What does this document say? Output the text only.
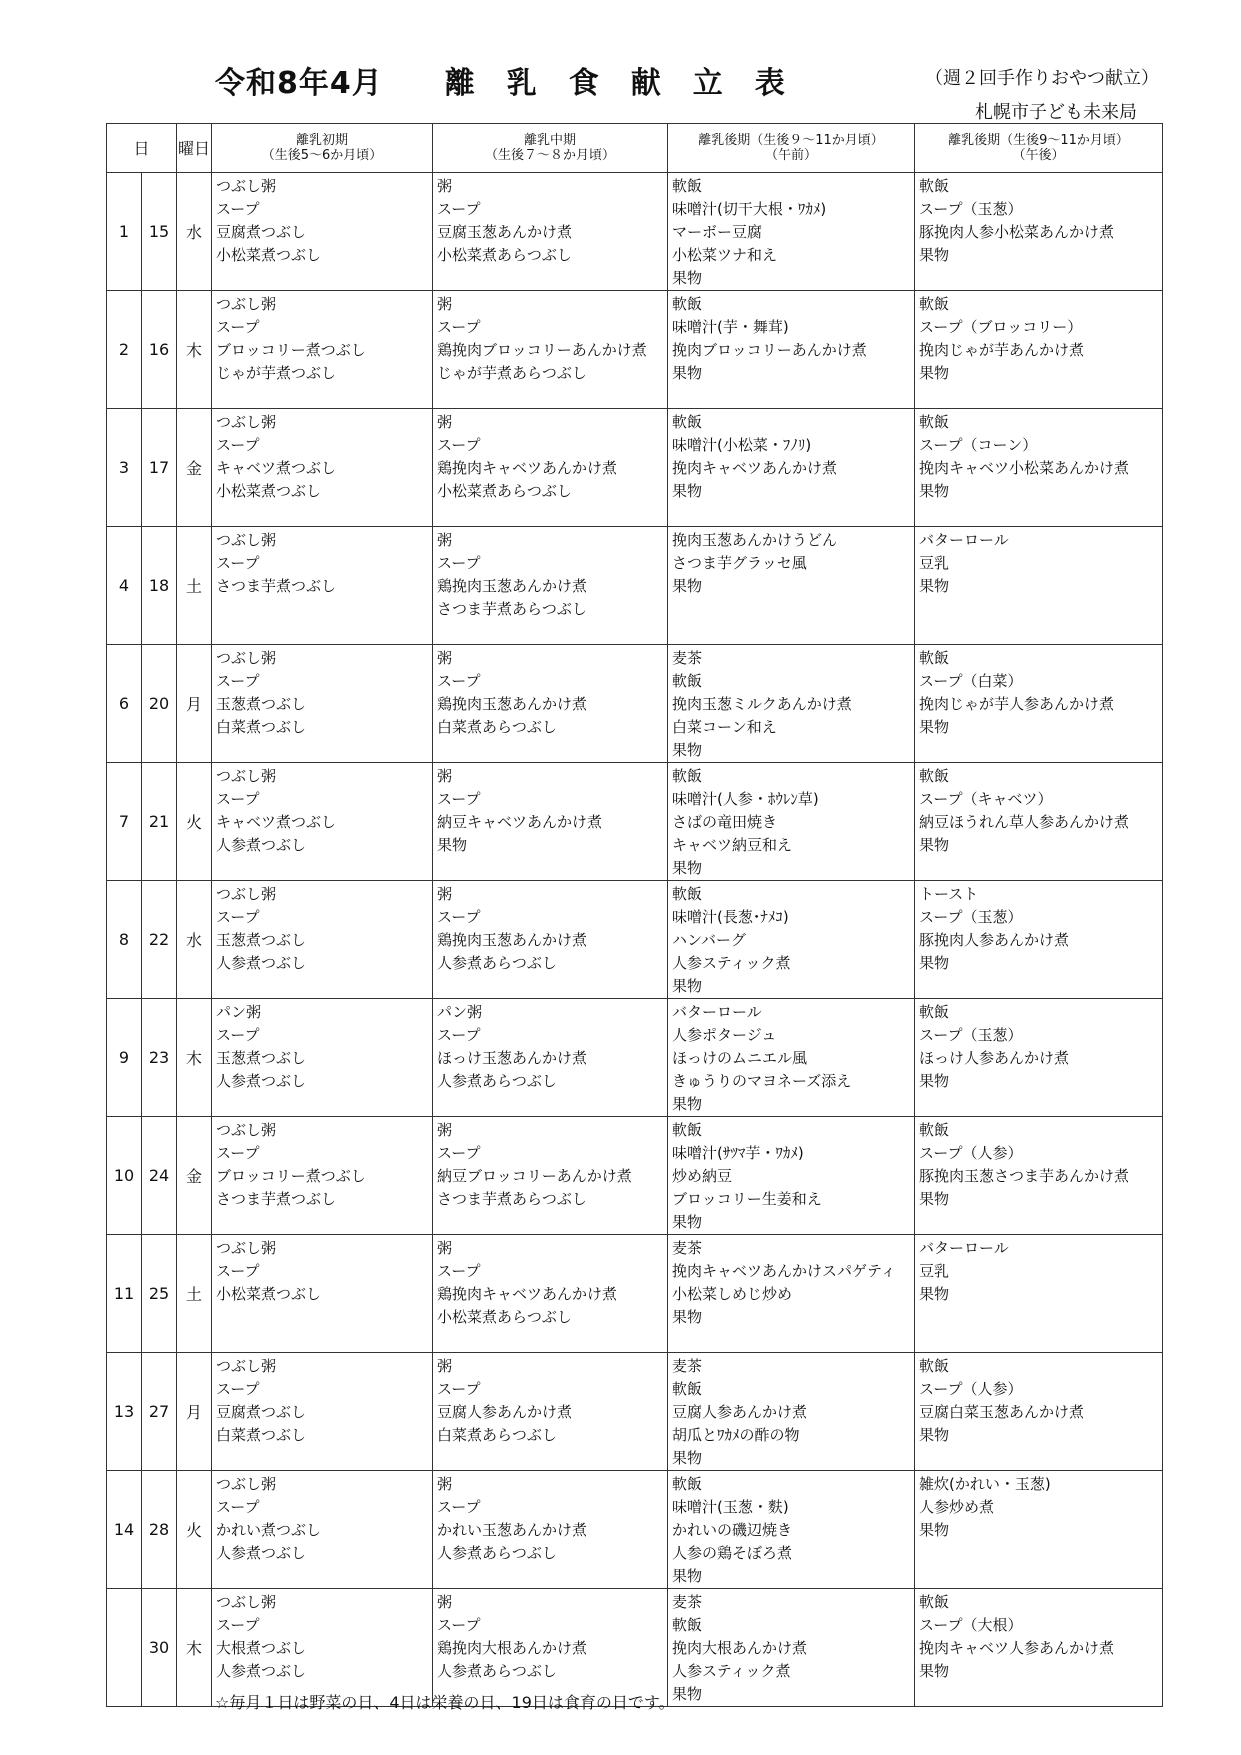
令和8年4月　　離　乳　食　献　立　表	（週２回手作りおやつ献立）
札幌市子ども未来局
日		曜日	離乳初期
（生後5～6か月頃）	離乳中期
（生後７～８か月頃）	離乳後期（生後９～11か月頃）
（午前）	離乳後期（生後9～11か月頃）
（午後）

1	15	水	つぶし粥
スープ
豆腐煮つぶし
小松菜煮つぶし	粥
スープ
豆腐玉葱あんかけ煮
小松菜煮あらつぶし	軟飯
味噌汁(切干大根・ﾜｶﾒ)
マーボー豆腐
小松菜ツナ和え
果物	軟飯
スープ（玉葱）
豚挽肉人参小松菜あんかけ煮
果物

2	16	木	つぶし粥
スープ
ブロッコリー煮つぶし
じゃが芋煮つぶし	粥
スープ
鶏挽肉ブロッコリーあんかけ煮
じゃが芋煮あらつぶし	軟飯
味噌汁(芋・舞茸)
挽肉ブロッコリーあんかけ煮
果物	軟飯
スープ（ブロッコリー）
挽肉じゃが芋あんかけ煮
果物

3	17	金	つぶし粥
スープ
キャベツ煮つぶし
小松菜煮つぶし	粥
スープ
鶏挽肉キャベツあんかけ煮
小松菜煮あらつぶし	軟飯
味噌汁(小松菜・ﾌﾉﾘ)
挽肉キャベツあんかけ煮
果物	軟飯
スープ（コーン）
挽肉キャベツ小松菜あんかけ煮
果物

4	18	土	つぶし粥
スープ
さつま芋煮つぶし	粥
スープ
鶏挽肉玉葱あんかけ煮
さつま芋煮あらつぶし	挽肉玉葱あんかけうどん
さつま芋グラッセ風
果物	バターロール
豆乳
果物

6	20	月	つぶし粥
スープ
玉葱煮つぶし
白菜煮つぶし	粥
スープ
鶏挽肉玉葱あんかけ煮
白菜煮あらつぶし	麦茶
軟飯
挽肉玉葱ミルクあんかけ煮
白菜コーン和え
果物	軟飯
スープ（白菜）
挽肉じゃが芋人参あんかけ煮
果物

7	21	火	つぶし粥
スープ
キャベツ煮つぶし
人参煮つぶし	粥
スープ
納豆キャベツあんかけ煮
果物	軟飯
味噌汁(人参・ﾎｳﾚﾝ草)
さばの竜田焼き
キャベツ納豆和え
果物	軟飯
スープ（キャベツ）
納豆ほうれん草人参あんかけ煮
果物

8	22	水	つぶし粥
スープ
玉葱煮つぶし
人参煮つぶし	粥
スープ
鶏挽肉玉葱あんかけ煮
人参煮あらつぶし	軟飯
味噌汁(長葱･ﾅﾒｺ)
ハンバーグ
人参スティック煮
果物	トースト
スープ（玉葱）
豚挽肉人参あんかけ煮
果物

9	23	木	パン粥
スープ
玉葱煮つぶし
人参煮つぶし	パン粥
スープ
ほっけ玉葱あんかけ煮
人参煮あらつぶし	バターロール
人参ポタージュ
ほっけのムニエル風
きゅうりのマヨネーズ添え
果物	軟飯
スープ（玉葱）
ほっけ人参あんかけ煮
果物

10	24	金	つぶし粥
スープ
ブロッコリー煮つぶし
さつま芋煮つぶし	粥
スープ
納豆ブロッコリーあんかけ煮
さつま芋煮あらつぶし	軟飯
味噌汁(ｻﾂﾏ芋・ﾜｶﾒ)
炒め納豆
ブロッコリー生姜和え
果物	軟飯
スープ（人参）
豚挽肉玉葱さつま芋あんかけ煮
果物

11	25	土	つぶし粥
スープ
小松菜煮つぶし	粥
スープ
鶏挽肉キャベツあんかけ煮
小松菜煮あらつぶし	麦茶
挽肉キャベツあんかけスパゲティ
小松菜しめじ炒め
果物	バターロール
豆乳
果物

13	27	月	つぶし粥
スープ
豆腐煮つぶし
白菜煮つぶし	粥
スープ
豆腐人参あんかけ煮
白菜煮あらつぶし	麦茶
軟飯
豆腐人参あんかけ煮
胡瓜とﾜｶﾒの酢の物
果物	軟飯
スープ（人参）
豆腐白菜玉葱あんかけ煮
果物

14	28	火	つぶし粥
スープ
かれい煮つぶし
人参煮つぶし	粥
スープ
かれい玉葱あんかけ煮
人参煮あらつぶし	軟飯
味噌汁(玉葱・麩)
かれいの磯辺焼き
人参の鶏そぼろ煮
果物	雑炊(かれい・玉葱)
人参炒め煮
果物

	30	木	つぶし粥
スープ
大根煮つぶし
人参煮つぶし	粥
スープ
鶏挽肉大根あんかけ煮
人参煮あらつぶし	麦茶
軟飯
挽肉大根あんかけ煮
人参スティック煮
果物	軟飯
スープ（大根）
挽肉キャベツ人参あんかけ煮
果物
☆毎月１日は野菜の日、4日は栄養の日、19日は食育の日です。
